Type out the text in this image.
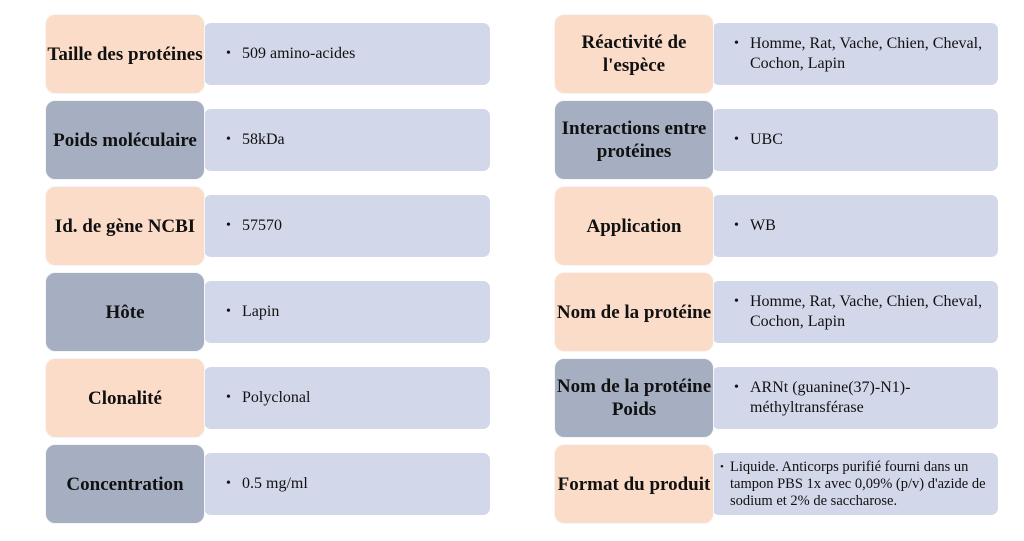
• 509 amino-acides
Taille des protéines
• 58kDa
Poids moléculaire
• 57570
Id. de gène NCBI
• Lapin
Hôte
• Polyclonal
Clonalité
• 0.5 mg/ml
Concentration
• Homme, Rat, Vache, Chien, Cheval, Cochon, Lapin
Réactivité de l'espèce
• UBC
Interactions entre protéines
• WB
Application
• Homme, Rat, Vache, Chien, Cheval, Cochon, Lapin
Nom de la protéine
• ARNt (guanine(37)-N1)-méthyltransférase
Nom de la protéine Poids
• Liquide. Anticorps purifié fourni dans un tampon PBS 1x avec 0,09% (p/v) d'azide de sodium et 2% de saccharose.
Format du produit
